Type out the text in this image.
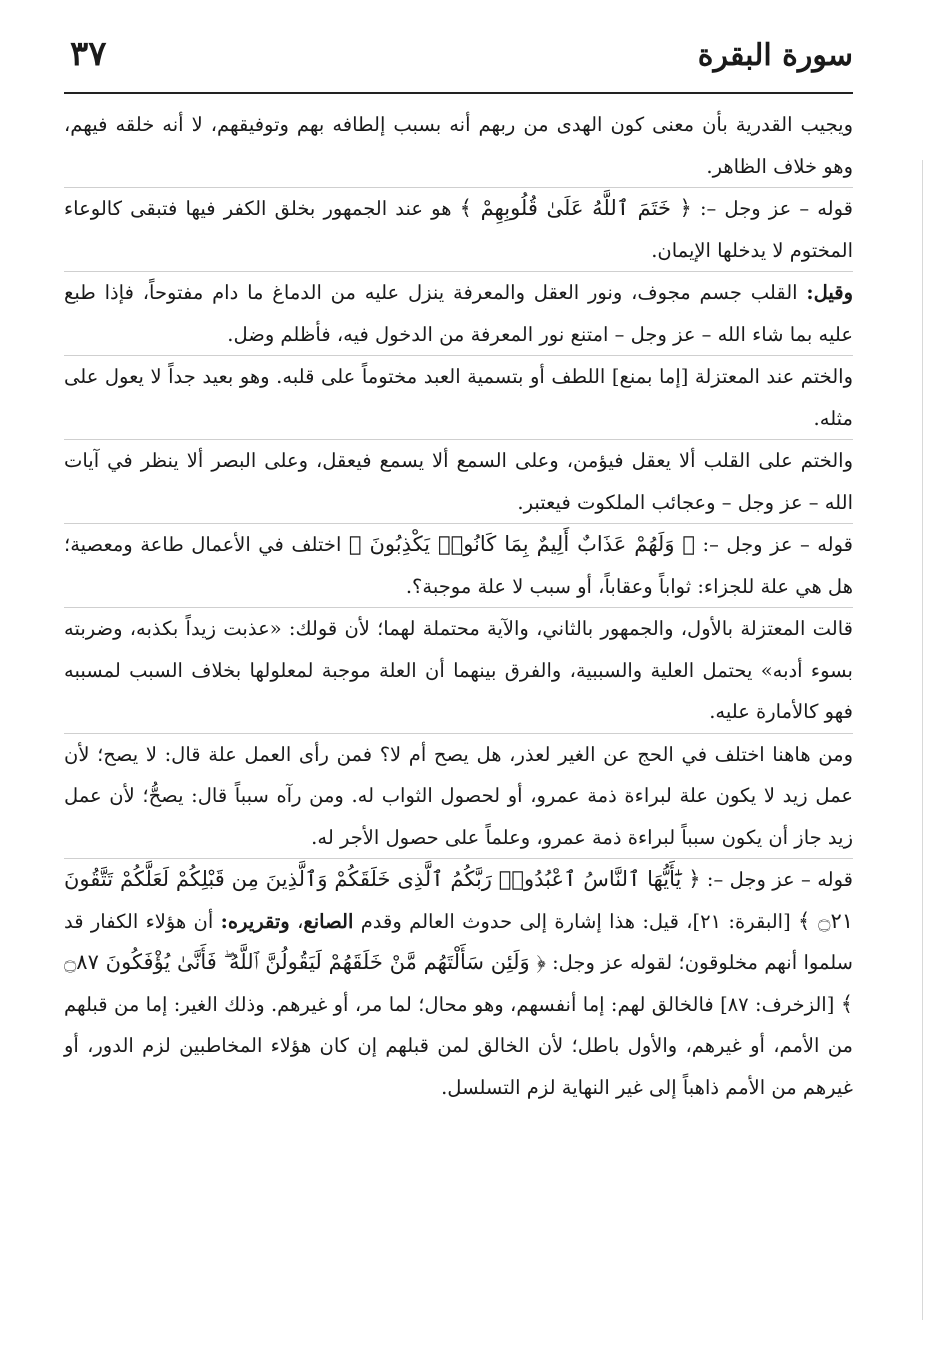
سورة البقرة
٣٧

ويجيب القدرية بأن معنى كون الهدى من ربهم أنه بسبب إلطافه بهم وتوفيقهم، لا أنه خلقه فيهم، وهو خلاف الظاهر.

قوله – عز وجل –: ﴿ خَتَمَ ٱللَّهُ عَلَىٰ قُلُوبِهِمْ ﴾ هو عند الجمهور بخلق الكفر فيها فتبقى كالوعاء المختوم لا يدخلها الإيمان.

وقيل: القلب جسم مجوف، ونور العقل والمعرفة ينزل عليه من الدماغ ما دام مفتوحاً، فإذا طبع عليه بما شاء الله – عز وجل – امتنع نور المعرفة من الدخول فيه، فأظلم وضل.

والختم عند المعتزلة [إما بمنع] اللطف أو بتسمية العبد مختوماً على قلبه. وهو بعيد جداً لا يعول على مثله.

والختم على القلب ألا يعقل فيؤمن، وعلى السمع ألا يسمع فيعقل، وعلى البصر ألا ينظر في آيات الله – عز وجل – وعجائب الملكوت فيعتبر.

قوله – عز وجل –: ﴿ وَلَهُمْ عَذَابٌ أَلِيمٌ بِمَا كَانُوا۟ يَكْذِبُونَ ﴾ اختلف في الأعمال طاعة ومعصية؛ هل هي علة للجزاء: ثواباً وعقاباً، أو سبب لا علة موجبة؟.

قالت المعتزلة بالأول، والجمهور بالثاني، والآية محتملة لهما؛ لأن قولك: «عذبت زيداً بكذبه، وضربته بسوء أدبه» يحتمل العلية والسببية، والفرق بينهما أن العلة موجبة لمعلولها بخلاف السبب لمسببه فهو كالأمارة عليه.

ومن هاهنا اختلف في الحج عن الغير لعذر، هل يصح أم لا؟ فمن رأى العمل علة قال: لا يصح؛ لأن عمل زيد لا يكون علة لبراءة ذمة عمرو، أو لحصول الثواب له. ومن رآه سبباً قال: يصحُّ؛ لأن عمل زيد جاز أن يكون سبباً لبراءة ذمة عمرو، وعلماً على حصول الأجر له.

قوله – عز وجل –: ﴿ يَٰٓأَيُّهَا ٱلنَّاسُ ٱعْبُدُوا۟ رَبَّكُمُ ٱلَّذِى خَلَقَكُمْ وَٱلَّذِينَ مِن قَبْلِكُمْ لَعَلَّكُمْ تَتَّقُونَ ۝٢١ ﴾ [البقرة: ٢١]، قيل: هذا إشارة إلى حدوث العالم وقدم الصانع، وتقريره: أن هؤلاء الكفار قد سلموا أنهم مخلوقون؛ لقوله عز وجل: ﴿ وَلَئِن سَأَلْتَهُم مَّنْ خَلَقَهُمْ لَيَقُولُنَّ ٱللَّهُ ۖ فَأَنَّىٰ يُؤْفَكُونَ ۝٨٧ ﴾ [الزخرف: ٨٧] فالخالق لهم: إما أنفسهم، وهو محال؛ لما مر، أو غيرهم. وذلك الغير: إما من قبلهم من الأمم، أو غيرهم، والأول باطل؛ لأن الخالق لمن قبلهم إن كان هؤلاء المخاطبين لزم الدور، أو غيرهم من الأمم ذاهباً إلى غير النهاية لزم التسلسل.
